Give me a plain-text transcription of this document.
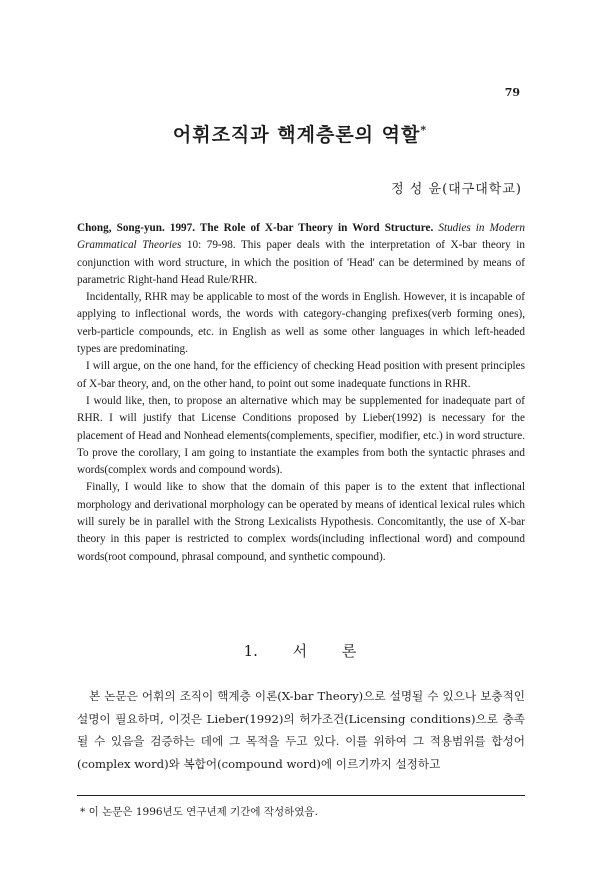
79
어휘조직과 핵계층론의 역할*
정 성 윤(대구대학교)

Chong, Song-yun. 1997. The Role of X-bar Theory in Word Structure. Studies in Modern Grammatical Theories 10: 79-98. This paper deals with the interpretation of X-bar theory in conjunction with word structure, in which the position of 'Head' can be determined by means of parametric Right-hand Head Rule/RHR.

Incidentally, RHR may be applicable to most of the words in English. However, it is incapable of applying to inflectional words, the words with category-changing prefixes(verb forming ones), verb-particle compounds, etc. in English as well as some other languages in which left-headed types are predominating.

I will argue, on the one hand, for the efficiency of checking Head position with present principles of X-bar theory, and, on the other hand, to point out some inadequate functions in RHR.

I would like, then, to propose an alternative which may be supplemented for inadequate part of RHR. I will justify that License Conditions proposed by Lieber(1992) is necessary for the placement of Head and Nonhead elements(complements, specifier, modifier, etc.) in word structure. To prove the corollary, I am going to instantiate the examples from both the syntactic phrases and words(complex words and compound words).

Finally, I would like to show that the domain of this paper is to the extent that inflectional morphology and derivational morphology can be operated by means of identical lexical rules which will surely be in parallel with the Strong Lexicalists Hypothesis. Concomitantly, the use of X-bar theory in this paper is restricted to complex words(including inflectional word) and compound words(root compound, phrasal compound, and synthetic compound).

1. 서 론

본 논문은 어휘의 조직이 핵계층 이론(X-bar Theory)으로 설명될 수 있으나 보충적인 설명이 필요하며, 이것은 Lieber(1992)의 허가조건(Licensing conditions)으로 충족될 수 있음을 검증하는 데에 그 목적을 두고 있다. 이를 위하여 그 적용범위를 합성어(complex word)와 복합어(compound word)에 이르기까지 설정하고

* 이 논문은 1996년도 연구년제 기간에 작성하였음.
